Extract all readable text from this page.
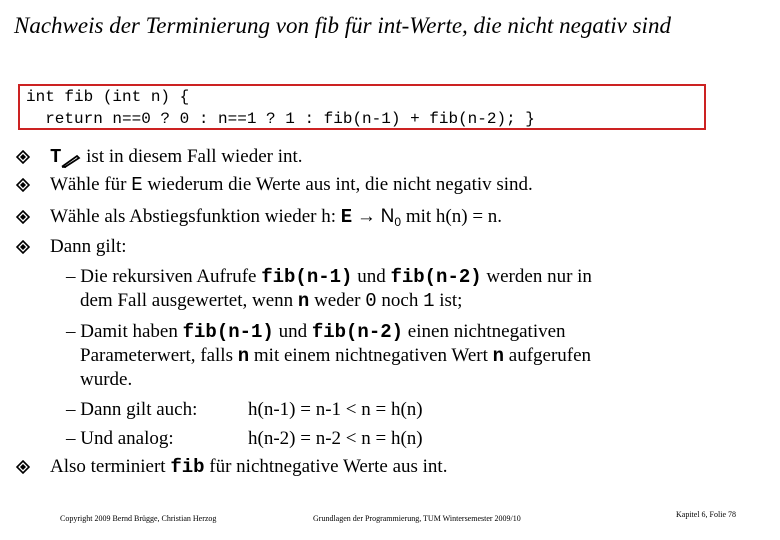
Nachweis der Terminierung von fib für int-Werte, die nicht negativ sind
int fib (int n) {
return n==0 ? 0 : n==1 ? 1 : fib(n-1) + fib(n-2); }
T ist in diesem Fall wieder int.
Wähle für E wiederum die Werte aus int, die nicht negativ sind.
Wähle als Abstiegsfunktion wieder h: $E \to N_0$ mit h(n) = n.
Dann gilt:
– Die rekursiven Aufrufe fib(n-1) und fib(n-2) werden nur in
dem Fall ausgewertet, wenn n weder 0 noch 1 ist;
– Damit haben fib(n-1) und fib(n-2) einen nichtnegativen
Parameterwert, falls n mit einem nichtnegativen Wert n aufgerufen
wurde.
– Dann gilt auch:	h(n-1) = n-1 < n = h(n)
– Und analog:	h(n-2) = n-2 < n = h(n)
Also terminiert fib für nichtnegative Werte aus int.
Copyright 2009 Bernd Brügge, Christian Herzog	Grundlagen der Programmierung, TUM Wintersemester 2009/10	Kapitel 6, Folie 78
